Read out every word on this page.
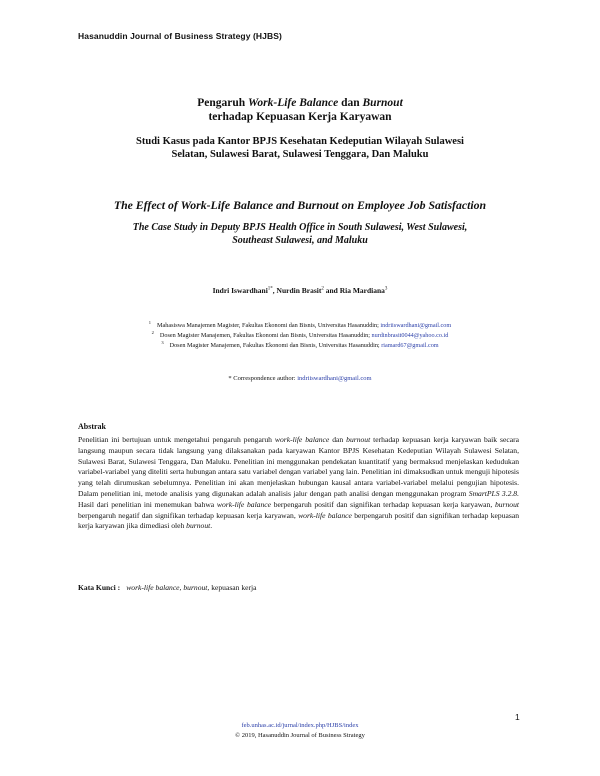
Hasanuddin Journal of Business Strategy (HJBS)
Pengaruh Work-Life Balance dan Burnout
terhadap Kepuasan Kerja Karyawan
Studi Kasus pada Kantor BPJS Kesehatan Kedeputian Wilayah Sulawesi
Selatan, Sulawesi Barat, Sulawesi Tenggara, Dan Maluku
The Effect of Work-Life Balance and Burnout on Employee Job Satisfaction
The Case Study in Deputy BPJS Health Office in South Sulawesi, West Sulawesi,
Southeast Sulawesi, and Maluku
Indri Iswardhani$^{1*}$, Nurdin Brasit$^2$ and Ria Mardiana$^3$
$^1$ Mahasiswa Manajemen Magister, Fakultas Ekonomi dan Bisnis, Universitas Hasanuddin; indriiswardhani@gmail.com
$^2$ Dosen Magister Manajemen, Fakultas Ekonomi dan Bisnis, Universitas Hasanuddin; nurdinbrasit0044@yahoo.co.id
$^3$ Dosen Magister Manajemen, Fakultas Ekonomi dan Bisnis, Universitas Hasanuddin; riamard67@gmail.com
* Correspondence author: indriiswardhani@gmail.com
Abstrak
Penelitian ini bertujuan untuk mengetahui pengaruh pengaruh work-life balance dan burnout terhadap kepuasan kerja karyawan baik secara langsung maupun secara tidak langsung yang dilaksanakan pada karyawan Kantor BPJS Kesehatan Kedeputian Wilayah Sulawesi Selatan, Sulawesi Barat, Sulawesi Tenggara, Dan Maluku. Penelitian ini menggunakan pendekatan kuantitatif yang bermaksud menjelaskan kedudukan variabel-variabel yang diteliti serta hubungan antara satu variabel dengan variabel yang lain. Penelitian ini dimaksudkan untuk menguji hipotesis yang telah dirumuskan sebelumnya. Penelitian ini akan menjelaskan hubungan kausal antara variabel-variabel melalui pengujian hipotesis. Dalam penelitian ini, metode analisis yang digunakan adalah analisis jalur dengan path analisi dengan menggunakan program SmartPLS 3.2.8. Hasil dari penelitian ini menemukan bahwa work-life balance berpengaruh positif dan signifikan terhadap kepuasan kerja karyawan, burnout berpengaruh negatif dan signifikan terhadap kepuasan kerja karyawan, work-life balance berpengaruh positif dan signifikan terhadap kepuasan kerja karyawan jika dimediasi oleh burnout.
Kata Kunci : work-life balance, burnout, kepuasan kerja
1
feb.unhas.ac.id/jurnal/index.php/HJBS/index
© 2019, Hasanuddin Journal of Business Strategy
